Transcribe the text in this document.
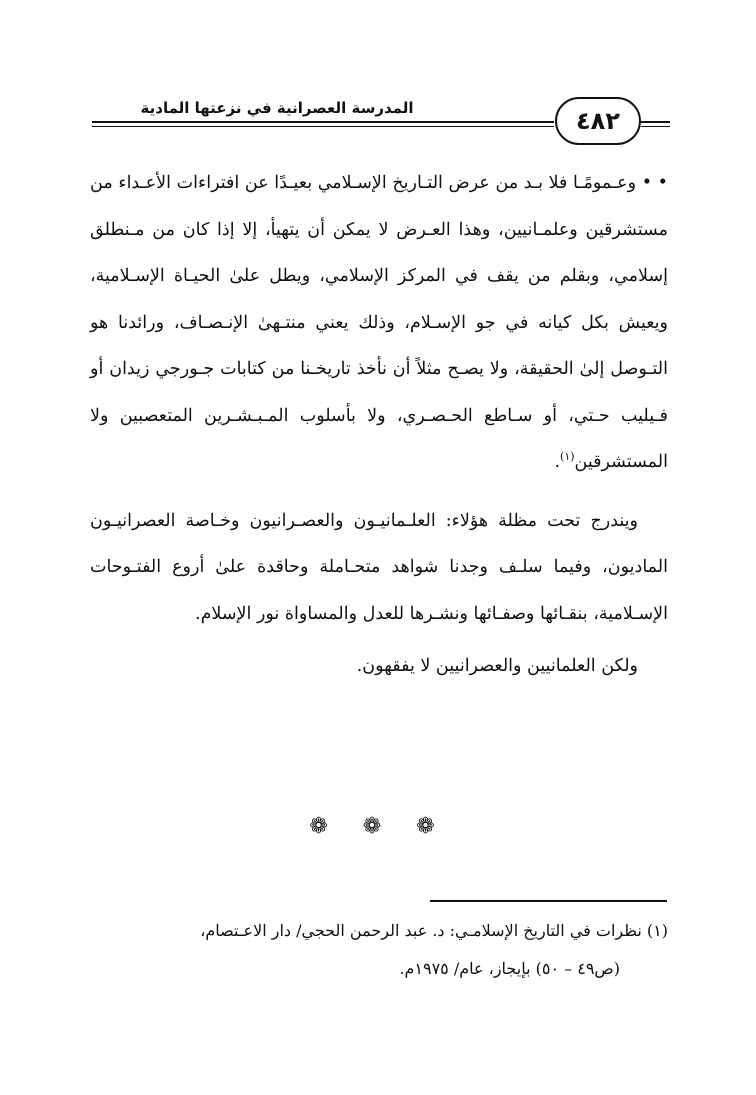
المدرسة العصرانية في نزعتها المادية	٤٨٢

• • وعـمومًـا فلا بـد من عرض التـاريخ الإسـلامي بعيـدًا عن افتراءات الأعـداء من مستشرقين وعلمـانيين، وهذا العـرض لا يمكن أن يتهيأ، إلا إذا كان من مـنطلق إسلامي، وبقلم من يقف في المركز الإسلامي، ويطل علىٰ الحيـاة الإسـلامية، ويعيش بكل كيانه في جو الإسـلام، وذلك يعني منتـهىٰ الإنـصـاف، ورائدنا هو التـوصل إلىٰ الحقيقة، ولا يصـح مثلاً أن نأخذ تاريخـنا من كتابات جـورجي زيدان أو فـيليب حـتي، أو سـاطع الحـصـري، ولا بأسلوب المـبـشـرين المتعصبين ولا المستشرقين$^{(١)}$.

ويندرج تحت مظلة هؤلاء: العلـمانيـون والعصـرانيون وخـاصة العصرانيـون الماديون، وفيما سلـف وجدنا شواهد متحـاملة وحاقدة علىٰ أروع الفتـوحات الإسـلامية، بنقـائها وصفـائها ونشـرها للعدل والمساواة نور الإسلام.

ولكن العلمانيين والعصرانيين لا يفقهون.

❁ ❁ ❁

(١) نظرات في التاريخ الإسلامـي: د. عبد الرحمن الحجي/ دار الاعـتصام،

(ص٤٩ – ٥٠) بإيجاز، عام/ ١٩٧٥م.
